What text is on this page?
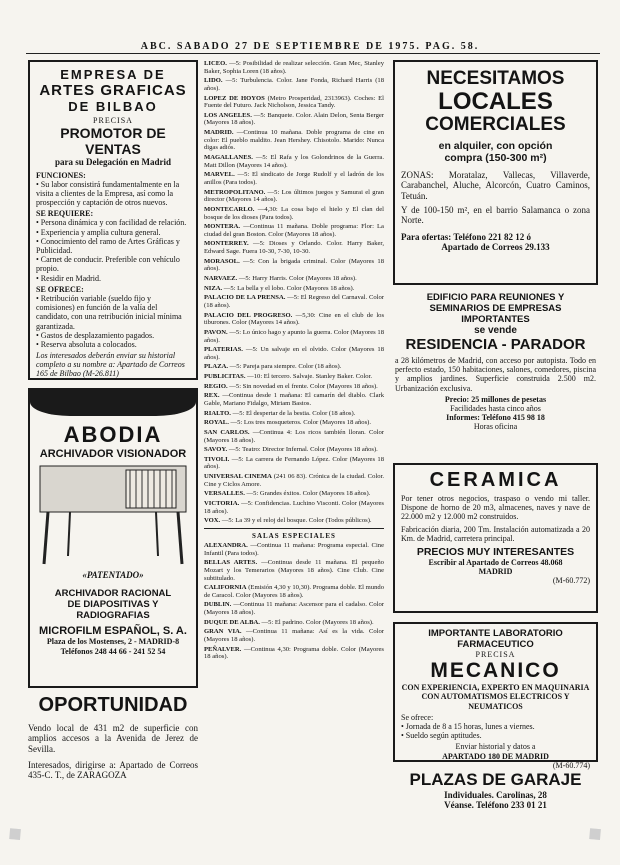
ABC. SABADO 27 DE SEPTIEMBRE DE 1975. PAG. 58.
EMPRESA DE
ARTES GRAFICAS
DE BILBAO
PRECISA
PROMOTOR DE VENTAS
para su Delegación en Madrid
FUNCIONES:
• Su labor consistirá fundamentalmente en la visita a clientes de la Empresa, así como la prospección y captación de otros nuevos.
SE REQUIERE:
• Persona dinámica y con facilidad de relación.
• Experiencia y amplia cultura general.
• Conocimiento del ramo de Artes Gráficas y Publicidad.
• Carnet de conducir. Preferible con vehículo propio.
• Residir en Madrid.
SE OFRECE:
• Retribución variable (sueldo fijo y comisiones) en función de la valía del candidato, con una retribución inicial mínima garantizada.
• Gastos de desplazamiento pagados.
• Reserva absoluta a colocados.
Los interesados deberán enviar su historial completo a su nombre a: Apartado de Correos 165 de Bilbao (M-26.811)
ABODIA
ARCHIVADOR VISIONADOR
«PATENTADO»
ARCHIVADOR RACIONAL
DE DIAPOSITIVAS Y
RADIOGRAFIAS
MICROFILM ESPAÑOL, S. A.
Plaza de los Mostenses, 2 - MADRID-8
Teléfonos 248 44 66 - 241 52 54
OPORTUNIDAD
Vendo local de 431 m2 de superficie con amplios accesos a la Avenida de Jerez de Sevilla.
Interesados, dirigirse a: Apartado de Correos 435-C. T., de ZARAGOZA

LICEO. —5: Posibilidad de realizar selección. Gran Mec, Stanley Baker, Sophia Loren (18 años).

LIDO. —5: Turbulencia. Color. Jane Fonda, Richard Harris (18 años).

LOPEZ DE HOYOS (Metro Prosperidad, 2313963). Coches: El Fuente del Futuro. Jack Nicholson, Jessica Tandy.

LOS ANGELES. —5: Banquete. Color. Alain Delon, Senta Berger (Mayores 18 años).

MADRID. —Continua 10 mañana. Doble programa de cine en color: El pueblo maldito. Jean Hershey. Chisotolo. Marido: Nunca digas adiós.

MAGALLANES. —5: El Rafa y los Golondrinos de la Guerra. Matt Dillon (Mayores 14 años).

MARVEL. —5: El sindicato de Jorge Rudolf y el ladrón de los anillos (Para todos).

METROPOLITANO. —5: Los últimos juegos y Samurai el gran director (Mayores 14 años).

MONTECARLO. —4,30: La cosa bajo el hielo y El clan del bosque de los dioses (Para todos).

MONTERA. —Continua 11 mañana. Doble programa: Flor: La ciudad del gran Boston. Color (Mayores 18 años).

MONTERREY. —5: Dioses y Orlando. Color. Harry Baker, Edward Sage. Fuera 10-30, 7-30, 10-30.

MORASOL. —5: Con la brigada criminal. Color (Mayores 18 años).

NARVAEZ. —5: Harry Harris. Color (Mayores 18 años).

NIZA. —5: La bella y el lobo. Color (Mayores 18 años).

PALACIO DE LA PRENSA. —5: El Regreso del Carnaval. Color (18 años).

PALACIO DEL PROGRESO. —5,30: Cine en el club de los tiburones. Color (Mayores 14 años).

PAVON. —5: Lo único hago y apunto la guerra. Color (Mayores 18 años).

PLATERIAS. —5: Un salvaje en el olvido. Color (Mayores 18 años).

PLAZA. —5: Pareja para siempre. Color (18 años).

PUBLICITAS. —10: El tercero. Salvaje. Stanley Baker. Color.

REGIO. —5: Sin novedad en el frente. Color (Mayores 18 años).

REX. —Continua desde 1 mañana: El camarín del diablo. Clark Gable, Mariano Fidalgo, Miriam Bastos.

RIALTO. —5: El despertar de la bestia. Color (18 años).

ROYAL. —5: Los tres mosqueteros. Color (Mayores 18 años).

SAN CARLOS. —Continua 4: Los ricos también lloran. Color (Mayores 18 años).

SAVOY. —5: Teatro: Director Infernal. Color (Mayores 18 años).

TIVOLI. —5: La carrera de Fernando López. Color (Mayores 18 años).

UNIVERSAL CINEMA (241 06 83). Crónica de la ciudad. Color. Cine y Ciclos Amore.

VERSALLES. —5: Grandes éxitos. Color (Mayores 18 años).

VICTORIA. —5: Confidencias. Luchino Visconti. Color (Mayores 18 años).

VOX. —5: La 39 y el reloj del bosque. Color (Todos públicos).

SALAS ESPECIALES

ALEXANDRA. —Continua 11 mañana: Programa especial. Cine Infantil (Para todos).

BELLAS ARTES. —Continua desde 11 mañana. El pequeño Mozart y los Temerarios (Mayores 18 años). Cine Club. Cine subtitulado.

CALIFORNIA (Emisión 4,30 y 10,30). Programa doble. El mundo de Caracol. Color (Mayores 18 años).

DUBLIN. —Continua 11 mañana: Ascensor para el cadalso. Color (Mayores 18 años).

DUQUE DE ALBA. —5: El padrino. Color (Mayores 18 años).

GRAN VIA. —Continua 11 mañana: Así es la vida. Color (Mayores 18 años).

PEÑALVER. —Continua 4,30: Programa doble. Color (Mayores 18 años).

NECESITAMOS
LOCALES
COMERCIALES
en alquiler, con opción
compra (150-300 m²)
ZONAS: Moratalaz, Vallecas, Villaverde, Carabanchel, Aluche, Alcorcón, Cuatro Caminos, Tetuán.
Y de 100-150 m², en el barrio Salamanca o zona Norte.
Para ofertas: Teléfono 221 82 12 ó
Apartado de Correos 29.133
EDIFICIO PARA REUNIONES Y
SEMINARIOS DE EMPRESAS
IMPORTANTES
se vende
RESIDENCIA - PARADOR
a 28 kilómetros de Madrid, con acceso por autopista. Todo en perfecto estado, 150 habitaciones, salones, comedores, piscina y amplios jardines. Superficie construida 2.500 m2. Urbanización exclusiva.
Precio: 25 millones de pesetas
Facilidades hasta cinco años
Informes: Teléfono 415 98 18
Horas oficina
CERAMICA
Por tener otros negocios, traspaso o vendo mi taller. Dispone de horno de 20 m3, almacenes, naves y nave de 22.000 m2 y 12.000 m2 construidos.
Fabricación diaria, 200 Tm. Instalación automatizada a 20 Km. de Madrid, carretera principal.
PRECIOS MUY INTERESANTES
Escribir al Apartado de Correos 48.068
MADRID
(M-60.772)
IMPORTANTE LABORATORIO
FARMACEUTICO
PRECISA
MECANICO
CON EXPERIENCIA, EXPERTO EN MAQUINARIA CON AUTOMATISMOS ELECTRICOS Y NEUMATICOS
Se ofrece:
• Jornada de 8 a 15 horas, lunes a viernes.
• Sueldo según aptitudes.
Enviar historial y datos a
APARTADO 180 DE MADRID
(M-60.774)
PLAZAS DE GARAJE
Individuales. Carolinas, 28
Véanse. Teléfono 233 01 21
◆	◆
